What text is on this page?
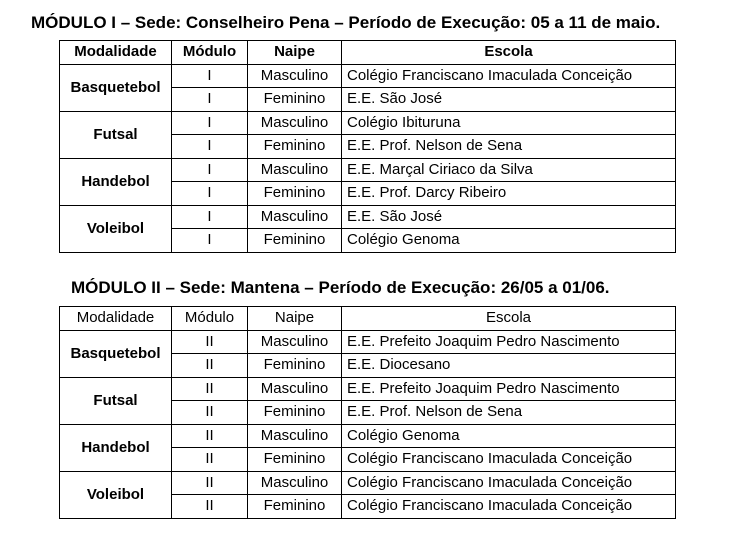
MÓDULO I – Sede: Conselheiro Pena – Período de Execução: 05 a 11 de maio.
Modalidade	Módulo	Naipe	Escola
Basquetebol	I	Masculino	Colégio Franciscano Imaculada Conceição
	I	Feminino	E.E. São José
Futsal	I	Masculino	Colégio Ibituruna
	I	Feminino	E.E. Prof. Nelson de Sena
Handebol	I	Masculino	E.E. Marçal Ciriaco da Silva
	I	Feminino	E.E. Prof. Darcy Ribeiro
Voleibol	I	Masculino	E.E. São José
	I	Feminino	Colégio Genoma
MÓDULO II – Sede: Mantena – Período de Execução: 26/05 a 01/06.
Modalidade	Módulo	Naipe	Escola
Basquetebol	II	Masculino	E.E. Prefeito Joaquim Pedro Nascimento
	II	Feminino	E.E. Diocesano
Futsal	II	Masculino	E.E. Prefeito Joaquim Pedro Nascimento
	II	Feminino	E.E. Prof. Nelson de Sena
Handebol	II	Masculino	Colégio Genoma
	II	Feminino	Colégio Franciscano Imaculada Conceição
Voleibol	II	Masculino	Colégio Franciscano Imaculada Conceição
	II	Feminino	Colégio Franciscano Imaculada Conceição
